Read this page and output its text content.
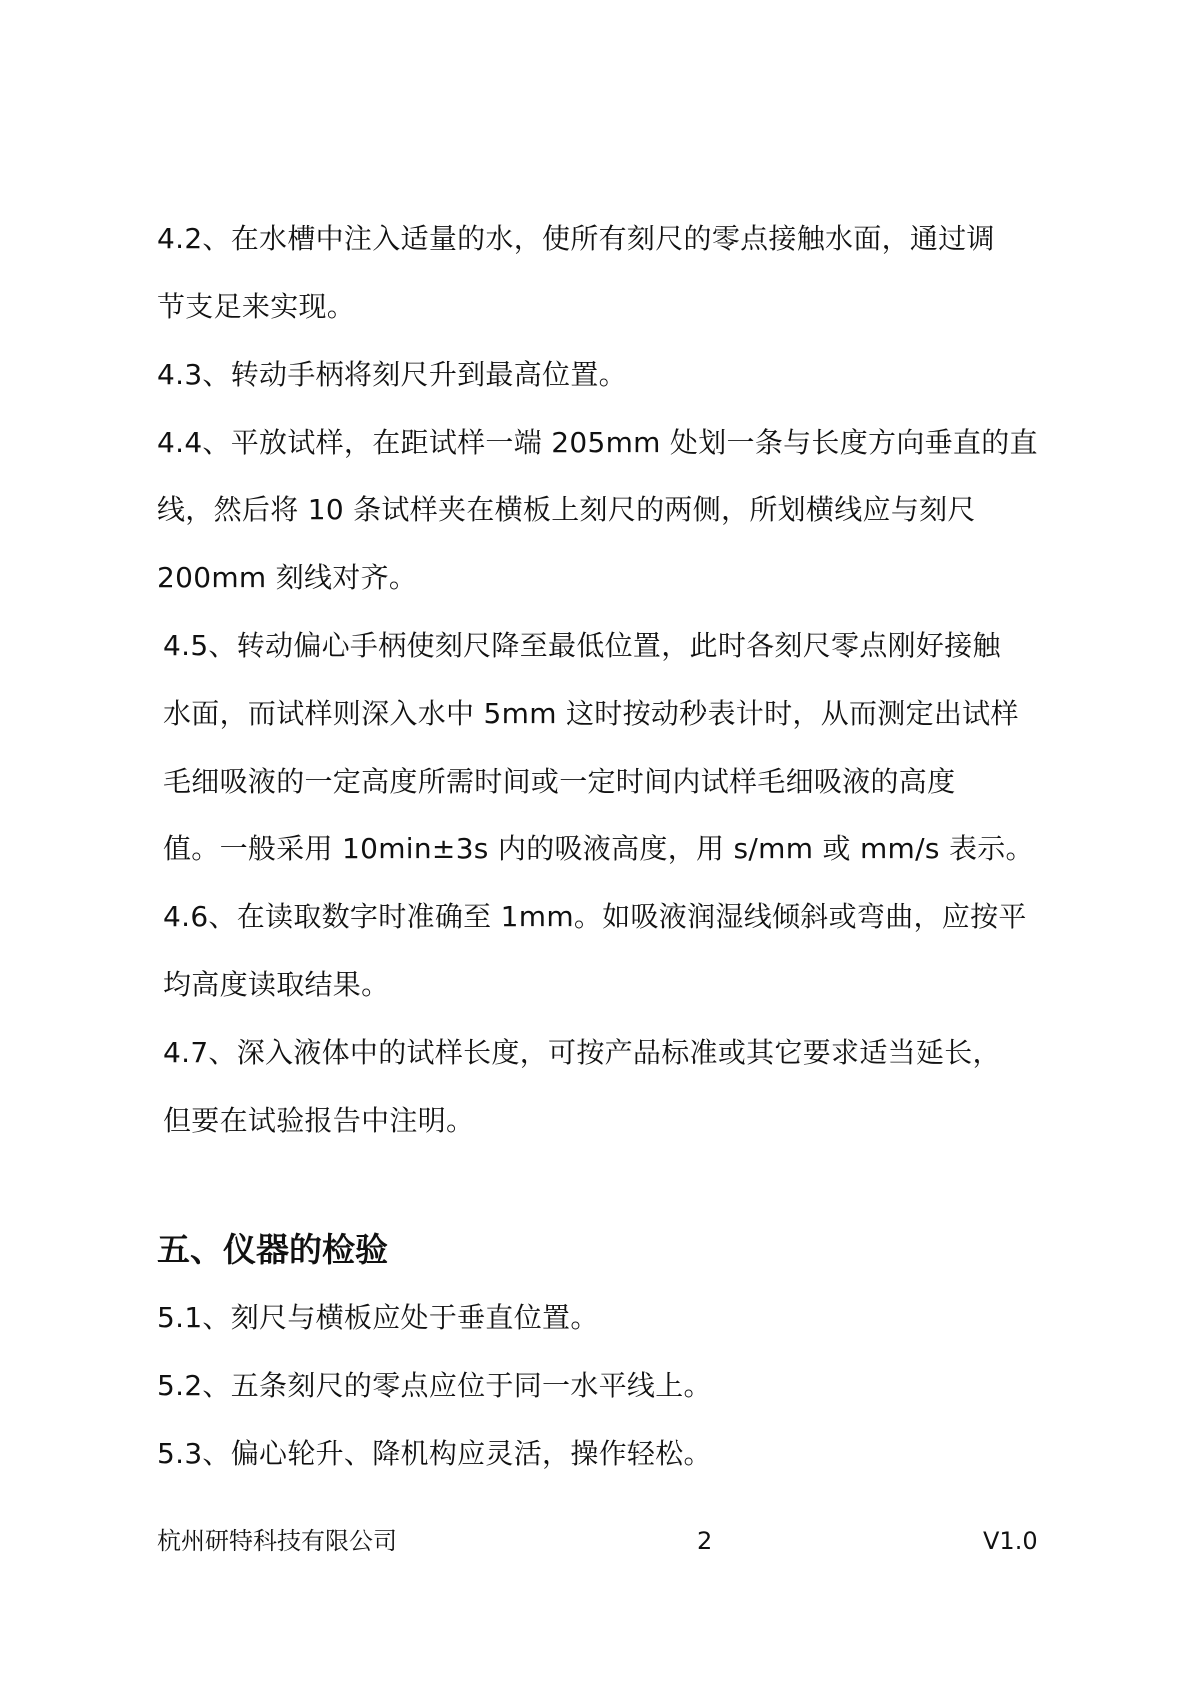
4.2、在水槽中注入适量的水，使所有刻尺的零点接触水面，通过调
节支足来实现。
4.3、转动手柄将刻尺升到最高位置。
4.4、平放试样，在距试样一端 205mm 处划一条与长度方向垂直的直
线，然后将 10 条试样夹在横板上刻尺的两侧，所划横线应与刻尺
200mm 刻线对齐。
4.5、转动偏心手柄使刻尺降至最低位置，此时各刻尺零点刚好接触
水面，而试样则深入水中 5mm 这时按动秒表计时，从而测定出试样
毛细吸液的一定高度所需时间或一定时间内试样毛细吸液的高度
值。一般采用 10min±3s 内的吸液高度，用 s/mm 或 mm/s 表示。
4.6、在读取数字时准确至 1mm。如吸液润湿线倾斜或弯曲，应按平
均高度读取结果。
4.7、深入液体中的试样长度，可按产品标准或其它要求适当延长，
但要在试验报告中注明。
五、仪器的检验
5.1、刻尺与横板应处于垂直位置。
5.2、五条刻尺的零点应位于同一水平线上。
5.3、偏心轮升、降机构应灵活，操作轻松。
杭州研特科技有限公司	2	V1.0
